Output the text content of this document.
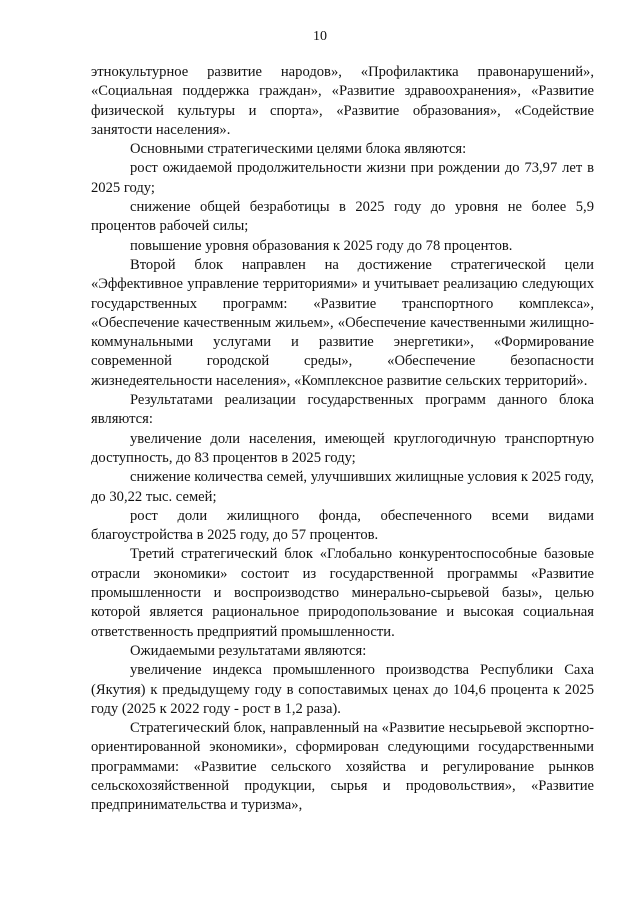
10

этнокультурное развитие народов», «Профилактика правонарушений», «Социальная поддержка граждан», «Развитие здравоохранения», «Развитие физической культуры и спорта», «Развитие образования», «Содействие занятости населения».

Основными стратегическими целями блока являются:

рост ожидаемой продолжительности жизни при рождении до 73,97 лет в 2025 году;

снижение общей безработицы в 2025 году до уровня не более 5,9 процентов рабочей силы;

повышение уровня образования к 2025 году до 78 процентов.

Второй блок направлен на достижение стратегической цели «Эффективное управление территориями» и учитывает реализацию следующих государственных программ: «Развитие транспортного комплекса», «Обеспечение качественным жильем», «Обеспечение качественными жилищно-коммунальными услугами и развитие энергетики», «Формирование современной городской среды», «Обеспечение безопасности жизнедеятельности населения», «Комплексное развитие сельских территорий».

Результатами реализации государственных программ данного блока являются:

увеличение доли населения, имеющей круглогодичную транспортную доступность, до 83 процентов в 2025 году;

снижение количества семей, улучшивших жилищные условия к 2025 году, до 30,22 тыс. семей;

рост доли жилищного фонда, обеспеченного всеми видами благоустройства в 2025 году, до 57 процентов.

Третий стратегический блок «Глобально конкурентоспособные базовые отрасли экономики» состоит из государственной программы «Развитие промышленности и воспроизводство минерально-сырьевой базы», целью которой является рациональное природопользование и высокая социальная ответственность предприятий промышленности.

Ожидаемыми результатами являются:

увеличение индекса промышленного производства Республики Саха (Якутия) к предыдущему году в сопоставимых ценах до 104,6 процента к 2025 году (2025 к 2022 году - рост в 1,2 раза).

Стратегический блок, направленный на «Развитие несырьевой экспортно-ориентированной экономики», сформирован следующими государственными программами: «Развитие сельского хозяйства и регулирование рынков сельскохозяйственной продукции, сырья и продовольствия», «Развитие предпринимательства и туризма»,
